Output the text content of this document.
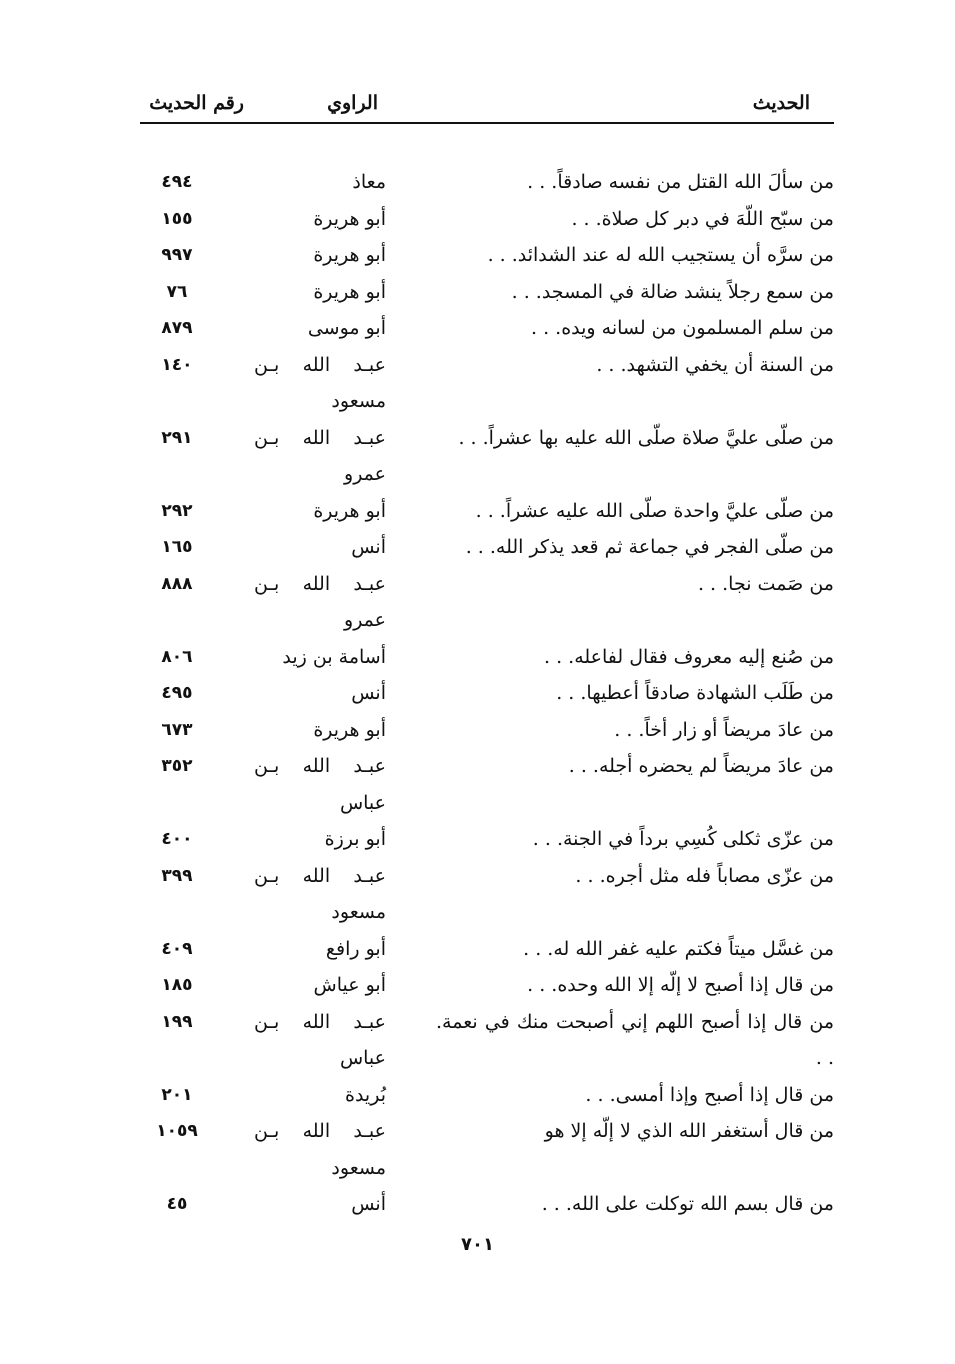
الحديث
الراوي
رقم الحديث
من سألَ الله القتل من نفسه صادقاً. . .
معاذ
٤٩٤
من سبّح اللّهَ في دبر كل صلاة. . .
أبو هريرة
١٥٥
من سرَّه أن يستجيب الله له عند الشدائد. . .
أبو هريرة
٩٩٧
من سمع رجلاً ينشد ضالة في المسجد. . .
أبو هريرة
٧٦
من سلم المسلمون من لسانه ويده. . .
أبو موسى
٨٧٩
من السنة أن يخفي التشهد. . .
عبـد الله بـن مسعود
١٤٠
من صلّى عليَّ صلاة صلّى الله عليه بها عشراً. . .
عبـد الله بـن عمرو
٢٩١
من صلّى عليَّ واحدة صلّى الله عليه عشراً. . .
أبو هريرة
٢٩٢
من صلّى الفجر في جماعة ثم قعد يذكر الله. . .
أنس
١٦٥
من صَمت نجا. . .
عبـد الله بـن عمرو
٨٨٨
من صُنع إليه معروف فقال لفاعله. . .
أسامة بن زيد
٨٠٦
من طَلَب الشهادة صادقاً أعطيها. . .
أنس
٤٩٥
من عادَ مريضاً أو زار أخاً. . .
أبو هريرة
٦٧٣
من عادَ مريضاً لم يحضره أجله. . .
عبـد الله بـن عباس
٣٥٢
من عزّى ثكلى كُسِي برداً في الجنة. . .
أبو برزة
٤٠٠
من عزّى مصاباً فله مثل أجره. . .
عبـد الله بـن مسعود
٣٩٩
من غسَّل ميتاً فكتم عليه غفر الله له. . .
أبو رافع
٤٠٩
من قال إذا أصبح لا إلّه إلا الله وحده. . .
أبو عياش
١٨٥
من قال إذا أصبح اللهم إني أصبحت منك في نعمة. . .
عبـد الله بـن عباس
١٩٩
من قال إذا أصبح وإذا أمسى. . .
بُريدة
٢٠١
من قال أستغفر الله الذي لا إلّه إلا هو
عبـد الله بـن مسعود
١٠٥٩
من قال بسم الله توكلت على الله. . .
أنس
٤٥
٧٠١
